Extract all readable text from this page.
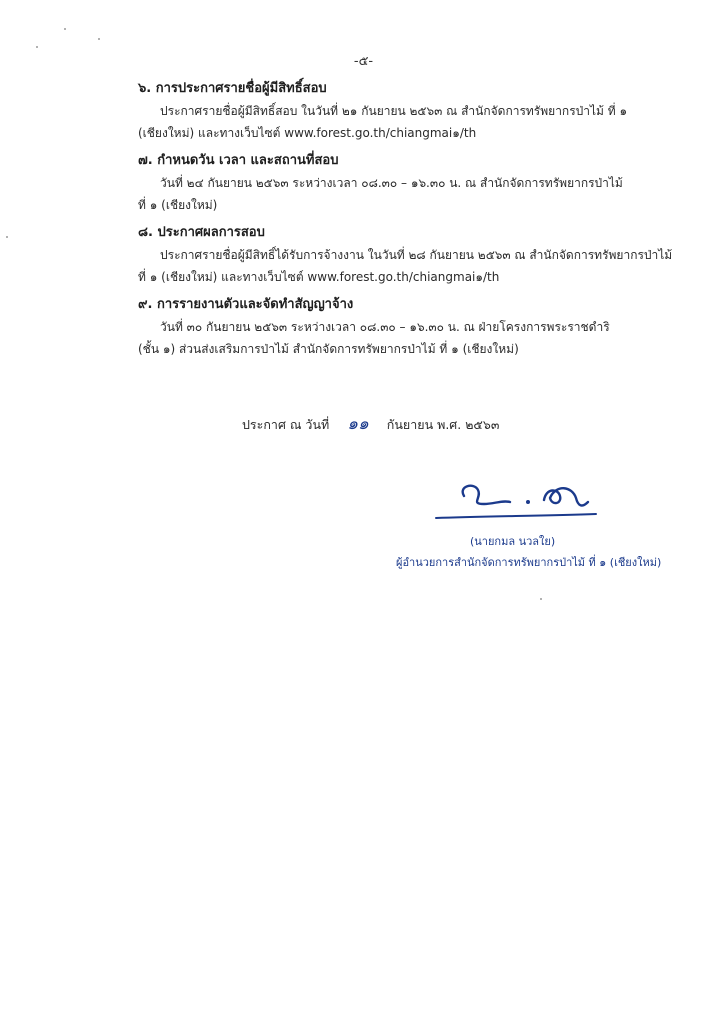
-๕-

๖. การประกาศรายชื่อผู้มีสิทธิ์สอบ

ประกาศรายชื่อผู้มีสิทธิ์สอบ ในวันที่ ๒๑ กันยายน ๒๕๖๓ ณ สำนักจัดการทรัพยากรป่าไม้ ที่ ๑
(เชียงใหม่) และทางเว็บไซต์ www.forest.go.th/chiangmai๑/th

๗. กำหนดวัน เวลา และสถานที่สอบ

วันที่ ๒๔ กันยายน ๒๕๖๓ ระหว่างเวลา ๐๘.๓๐ – ๑๖.๓๐ น. ณ สำนักจัดการทรัพยากรป่าไม้
ที่ ๑ (เชียงใหม่)

๘. ประกาศผลการสอบ

ประกาศรายชื่อผู้มีสิทธิ์ได้รับการจ้างงาน ในวันที่ ๒๘ กันยายน ๒๕๖๓ ณ สำนักจัดการทรัพยากรป่าไม้
ที่ ๑ (เชียงใหม่) และทางเว็บไซต์ www.forest.go.th/chiangmai๑/th

๙. การรายงานตัวและจัดทำสัญญาจ้าง

วันที่ ๓๐ กันยายน ๒๕๖๓ ระหว่างเวลา ๐๘.๓๐ – ๑๖.๓๐ น. ณ ฝ่ายโครงการพระราชดำริ
(ชั้น ๑) ส่วนส่งเสริมการป่าไม้ สำนักจัดการทรัพยากรป่าไม้ ที่ ๑ (เชียงใหม่)
ประกาศ ณ วันที่ ๑๑ กันยายน พ.ศ. ๒๕๖๓
(นายกมล นวลใย)
ผู้อำนวยการสำนักจัดการทรัพยากรป่าไม้ ที่ ๑ (เชียงใหม่)
